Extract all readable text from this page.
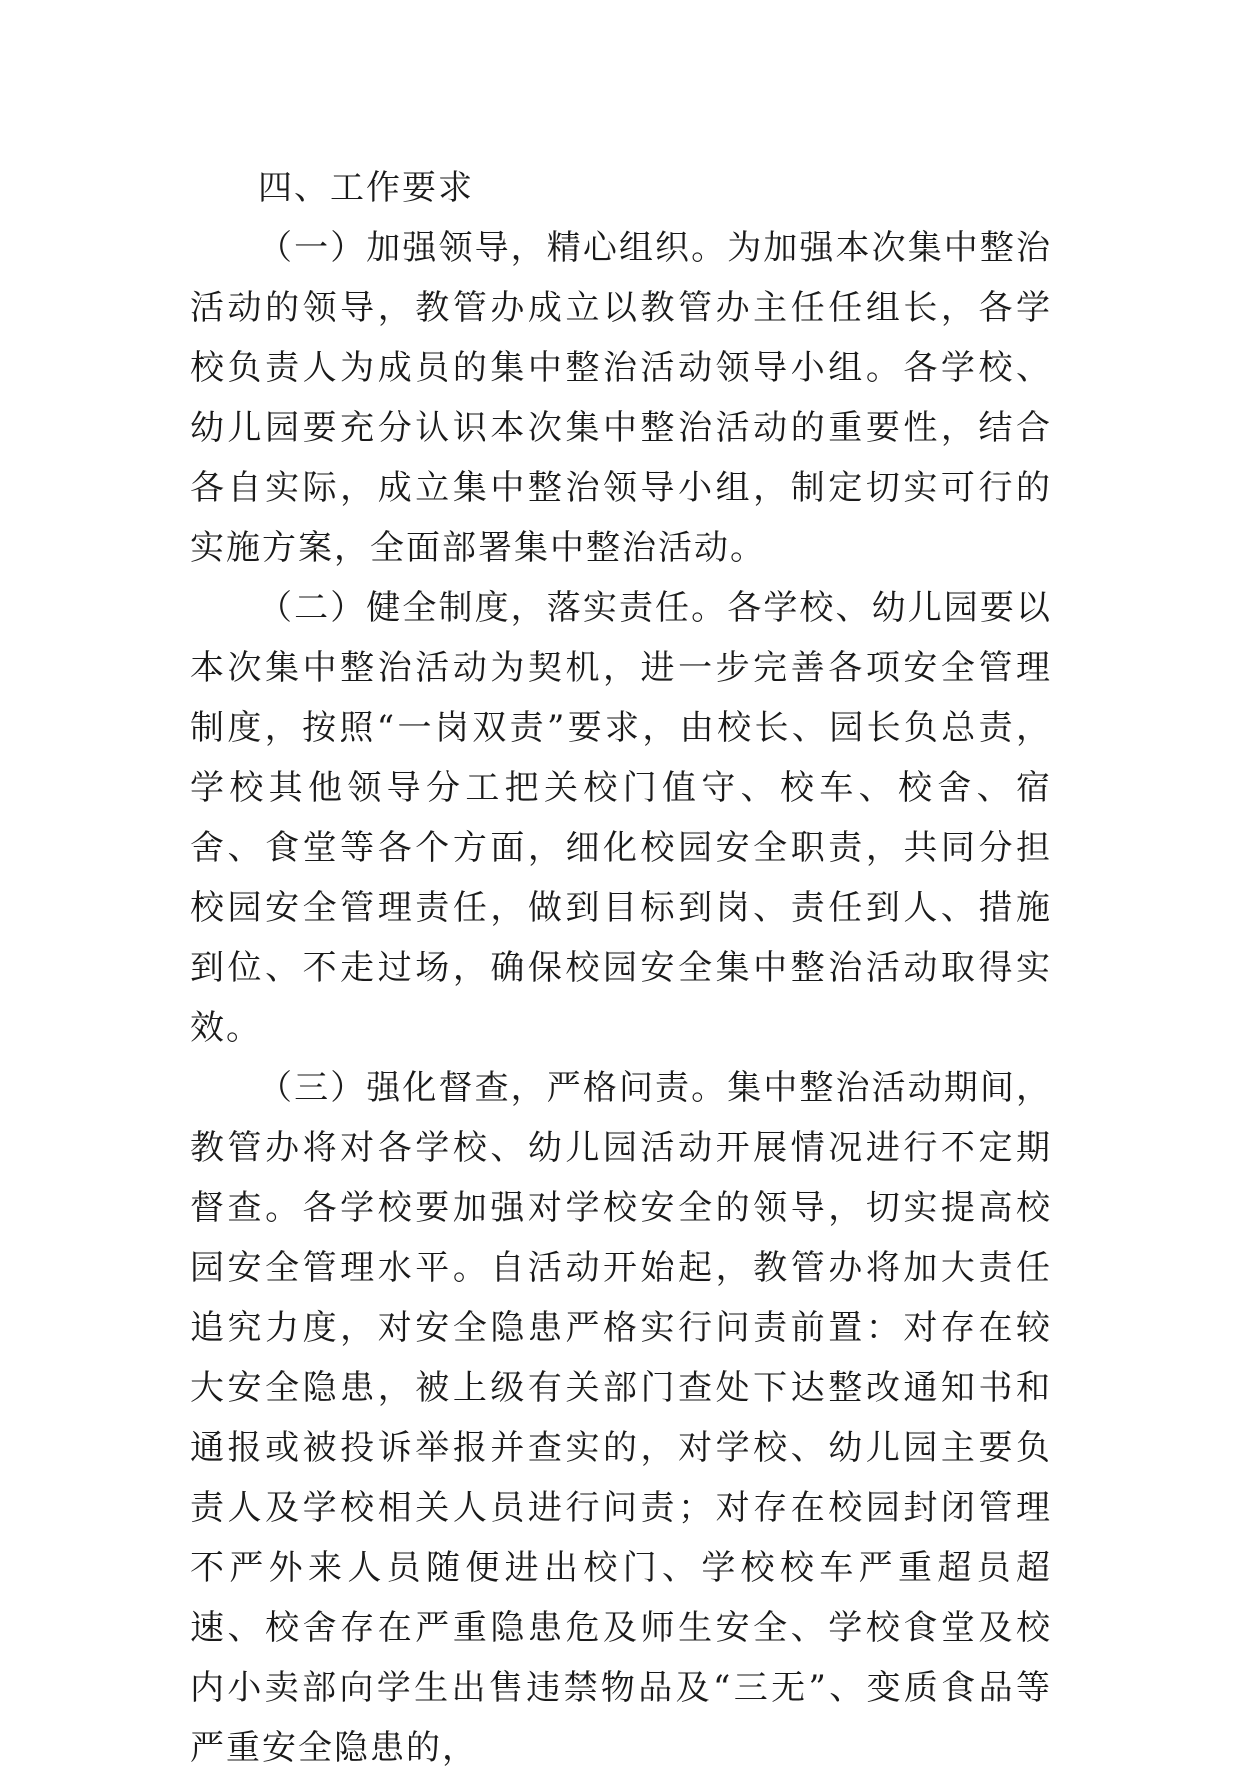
四、工作要求

（一）加强领导，精心组织。为加强本次集中整治活动的领导，教管办成立以教管办主任任组长，各学校负责人为成员的集中整治活动领导小组。各学校、幼儿园要充分认识本次集中整治活动的重要性，结合各自实际，成立集中整治领导小组，制定切实可行的实施方案，全面部署集中整治活动。

（二）健全制度，落实责任。各学校、幼儿园要以本次集中整治活动为契机，进一步完善各项安全管理制度，按照“一岗双责”要求，由校长、园长负总责，学校其他领导分工把关校门值守、校车、校舍、宿舍、食堂等各个方面，细化校园安全职责，共同分担校园安全管理责任，做到目标到岗、责任到人、措施到位、不走过场，确保校园安全集中整治活动取得实效。

（三）强化督查，严格问责。集中整治活动期间，教管办将对各学校、幼儿园活动开展情况进行不定期督查。各学校要加强对学校安全的领导，切实提高校园安全管理水平。自活动开始起，教管办将加大责任追究力度，对安全隐患严格实行问责前置：对存在较大安全隐患，被上级有关部门查处下达整改通知书和通报或被投诉举报并查实的，对学校、幼儿园主要负责人及学校相关人员进行问责；对存在校园封闭管理不严外来人员随便进出校门、学校校车严重超员超速、校舍存在严重隐患危及师生安全、学校食堂及校内小卖部向学生出售违禁物品及“三无”、变质食品等严重安全隐患的，
